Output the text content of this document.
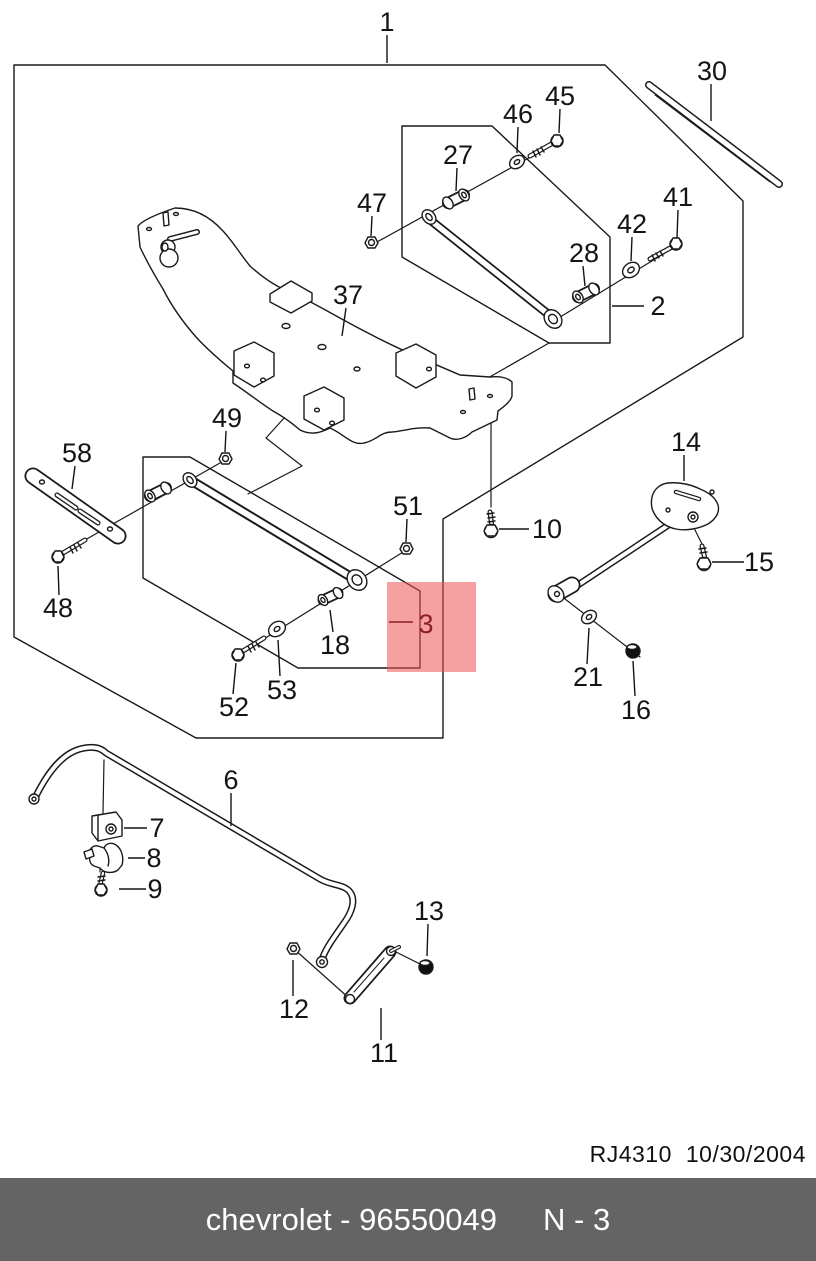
1
30
45
46
27
47	41
42
28
2
37
49
14
58
51
10
15
48
18
3
21
16
52
53
6
7
8
9
13
12
11
RJ4310 10/30/2004
chevrolet - 96550049 N - 3
